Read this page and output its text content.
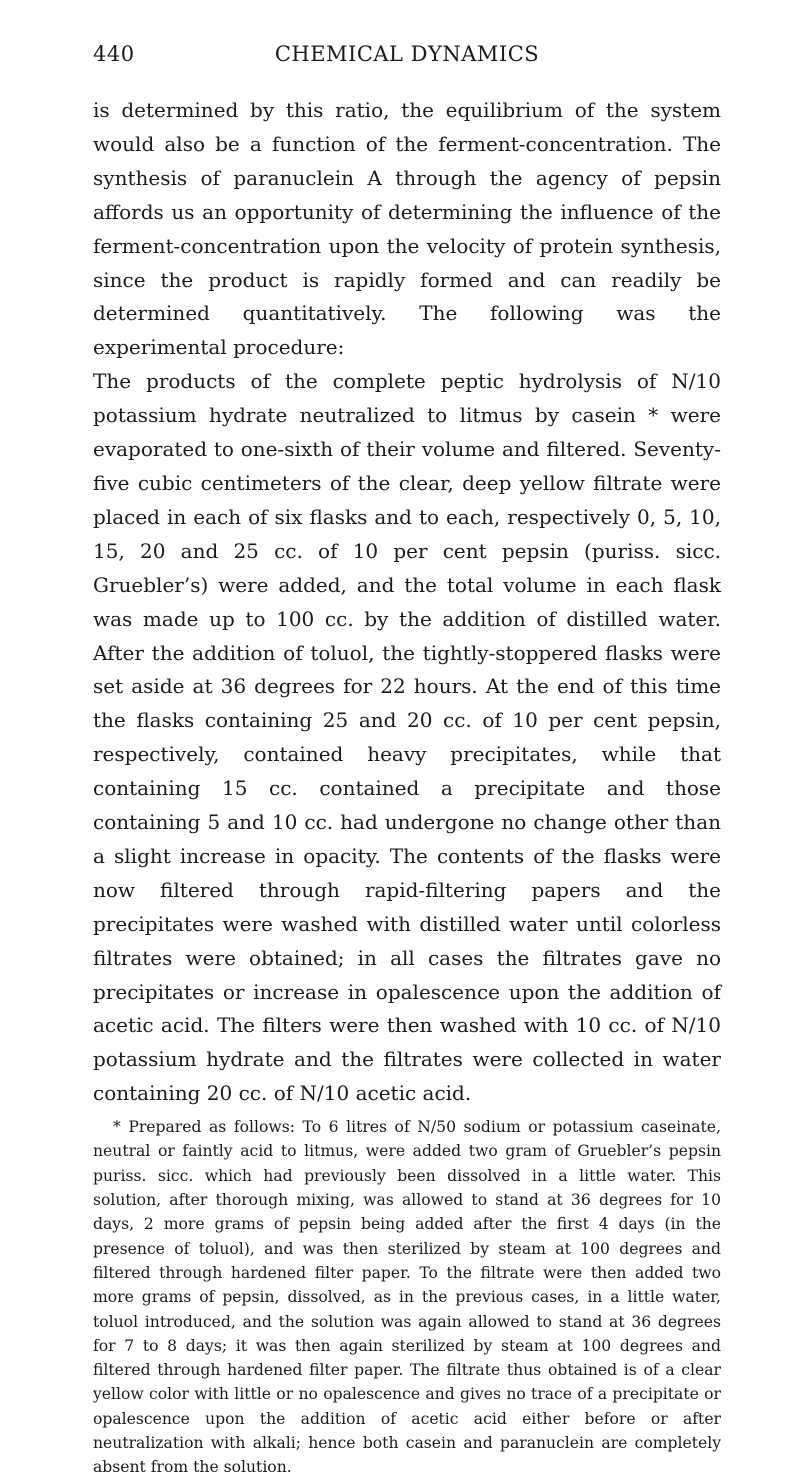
440	CHEMICAL DYNAMICS

is determined by this ratio, the equilibrium of the system would also be a function of the ferment-concentration. The synthesis of paranuclein A through the agency of pepsin affords us an opportunity of determining the influence of the ferment-concentration upon the velocity of protein synthesis, since the product is rapidly formed and can readily be determined quantitatively. The following was the experimental procedure:

The products of the complete peptic hydrolysis of N/10 potassium hydrate neutralized to litmus by casein * were evaporated to one-sixth of their volume and filtered. Seventy-five cubic centimeters of the clear, deep yellow filtrate were placed in each of six flasks and to each, respectively 0, 5, 10, 15, 20 and 25 cc. of 10 per cent pepsin (puriss. sicc. Gruebler’s) were added, and the total volume in each flask was made up to 100 cc. by the addition of distilled water. After the addition of toluol, the tightly-stoppered flasks were set aside at 36 degrees for 22 hours. At the end of this time the flasks containing 25 and 20 cc. of 10 per cent pepsin, respectively, contained heavy precipitates, while that containing 15 cc. contained a precipitate and those containing 5 and 10 cc. had undergone no change other than a slight increase in opacity. The contents of the flasks were now filtered through rapid-filtering papers and the precipitates were washed with distilled water until colorless filtrates were obtained; in all cases the filtrates gave no precipitates or increase in opalescence upon the addition of acetic acid. The filters were then washed with 10 cc. of N/10 potassium hydrate and the filtrates were collected in water containing 20 cc. of N/10 acetic acid.

* Prepared as follows: To 6 litres of N/50 sodium or potassium caseinate, neutral or faintly acid to litmus, were added two gram of Gruebler’s pepsin puriss. sicc. which had previously been dissolved in a little water. This solution, after thorough mixing, was allowed to stand at 36 degrees for 10 days, 2 more grams of pepsin being added after the first 4 days (in the presence of toluol), and was then sterilized by steam at 100 degrees and filtered through hardened filter paper. To the filtrate were then added two more grams of pepsin, dissolved, as in the previous cases, in a little water, toluol introduced, and the solution was again allowed to stand at 36 degrees for 7 to 8 days; it was then again sterilized by steam at 100 degrees and filtered through hardened filter paper. The filtrate thus obtained is of a clear yellow color with little or no opalescence and gives no trace of a precipitate or opalescence upon the addition of acetic acid either before or after neutralization with alkali; hence both casein and paranuclein are completely absent from the solution.
